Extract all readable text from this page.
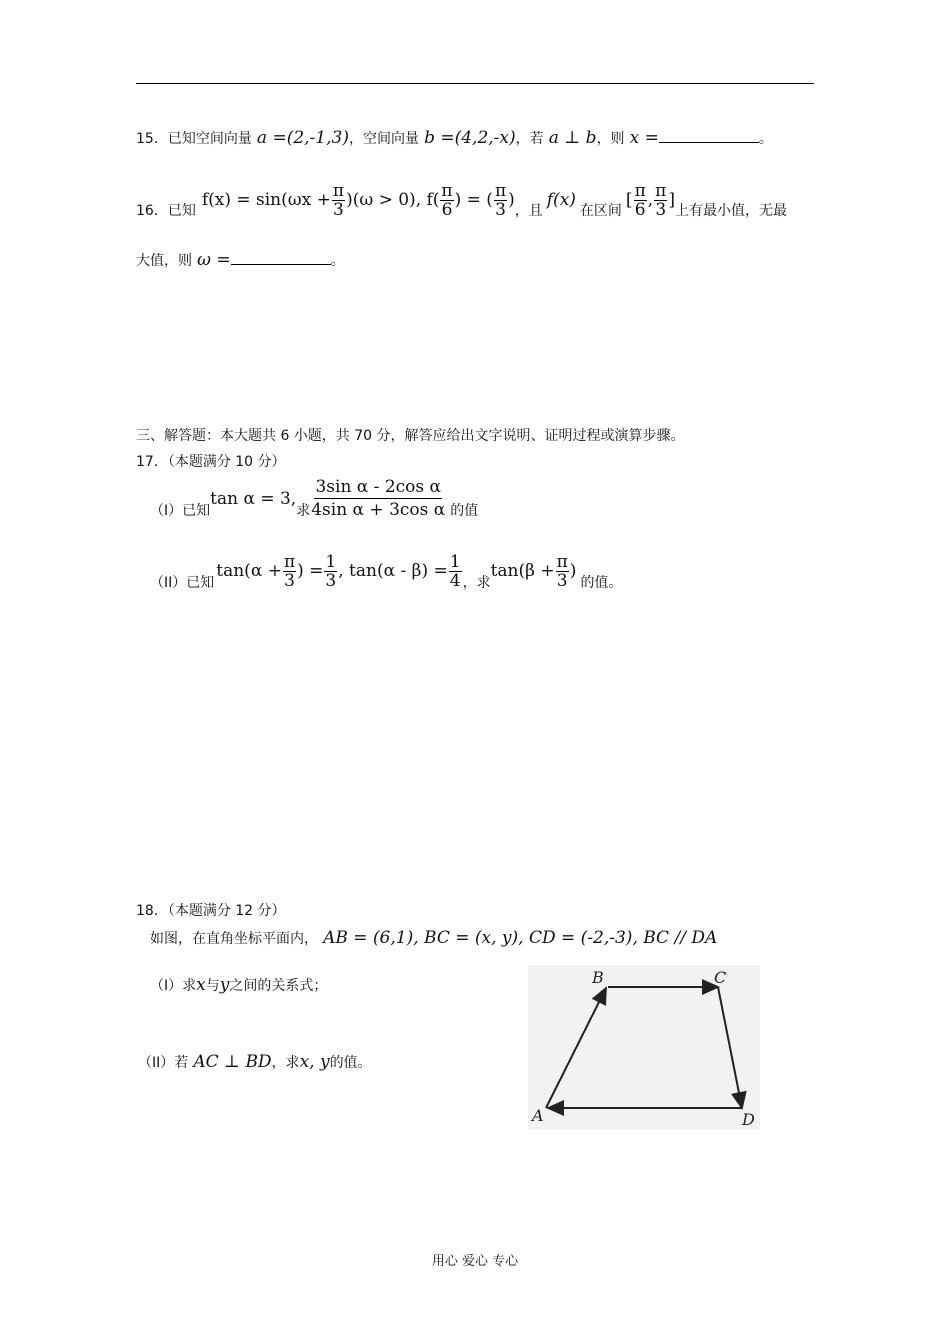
15．已知空间向量 a =(2,-1,3)，空间向量 b =(4,2,-x)，若 a ⊥ b，则 x =	。
16． 已知
$f(x) = \sin(\omega x + \frac{\pi}{3} )(\omega > 0)$, $f( \frac{\pi}{6}$ ) = ( $\frac{\pi}{3}$ )
，且
f(x)
在区间
[ $\frac{\pi}{6}$ , $\frac{\pi}{3}$ ]
上有最小值，无最
大值，则 ω =	。
三、解答题：本大题共 6 小题，共 70 分，解答应给出文字说明、证明过程或演算步骤。
17．（本题满分 10 分）
（I）已知
tan α = 3,
求 $\frac{\text{3sin α - 2cos α}}{\text{4sin α + 3cos α}}$ 的值
（II）已知
$\tan(\alpha + \frac{\pi}{3}$ ) = $\frac{1}{3}$ , $\tan(\alpha - \beta) = \frac{1}{4}$ ，求
$\tan(\beta + \frac{\pi}{3}$ )
的值。
18．（本题满分 12 分）
如图，在直角坐标平面内， AB = (6,1), BC = (x, y), CD = (-2,-3), BC // DA
（I）求x与y之间的关系式；
（II）若 AC ⊥ BD，求x, y的值。
A
B	C
D
用心 爱心 专心
